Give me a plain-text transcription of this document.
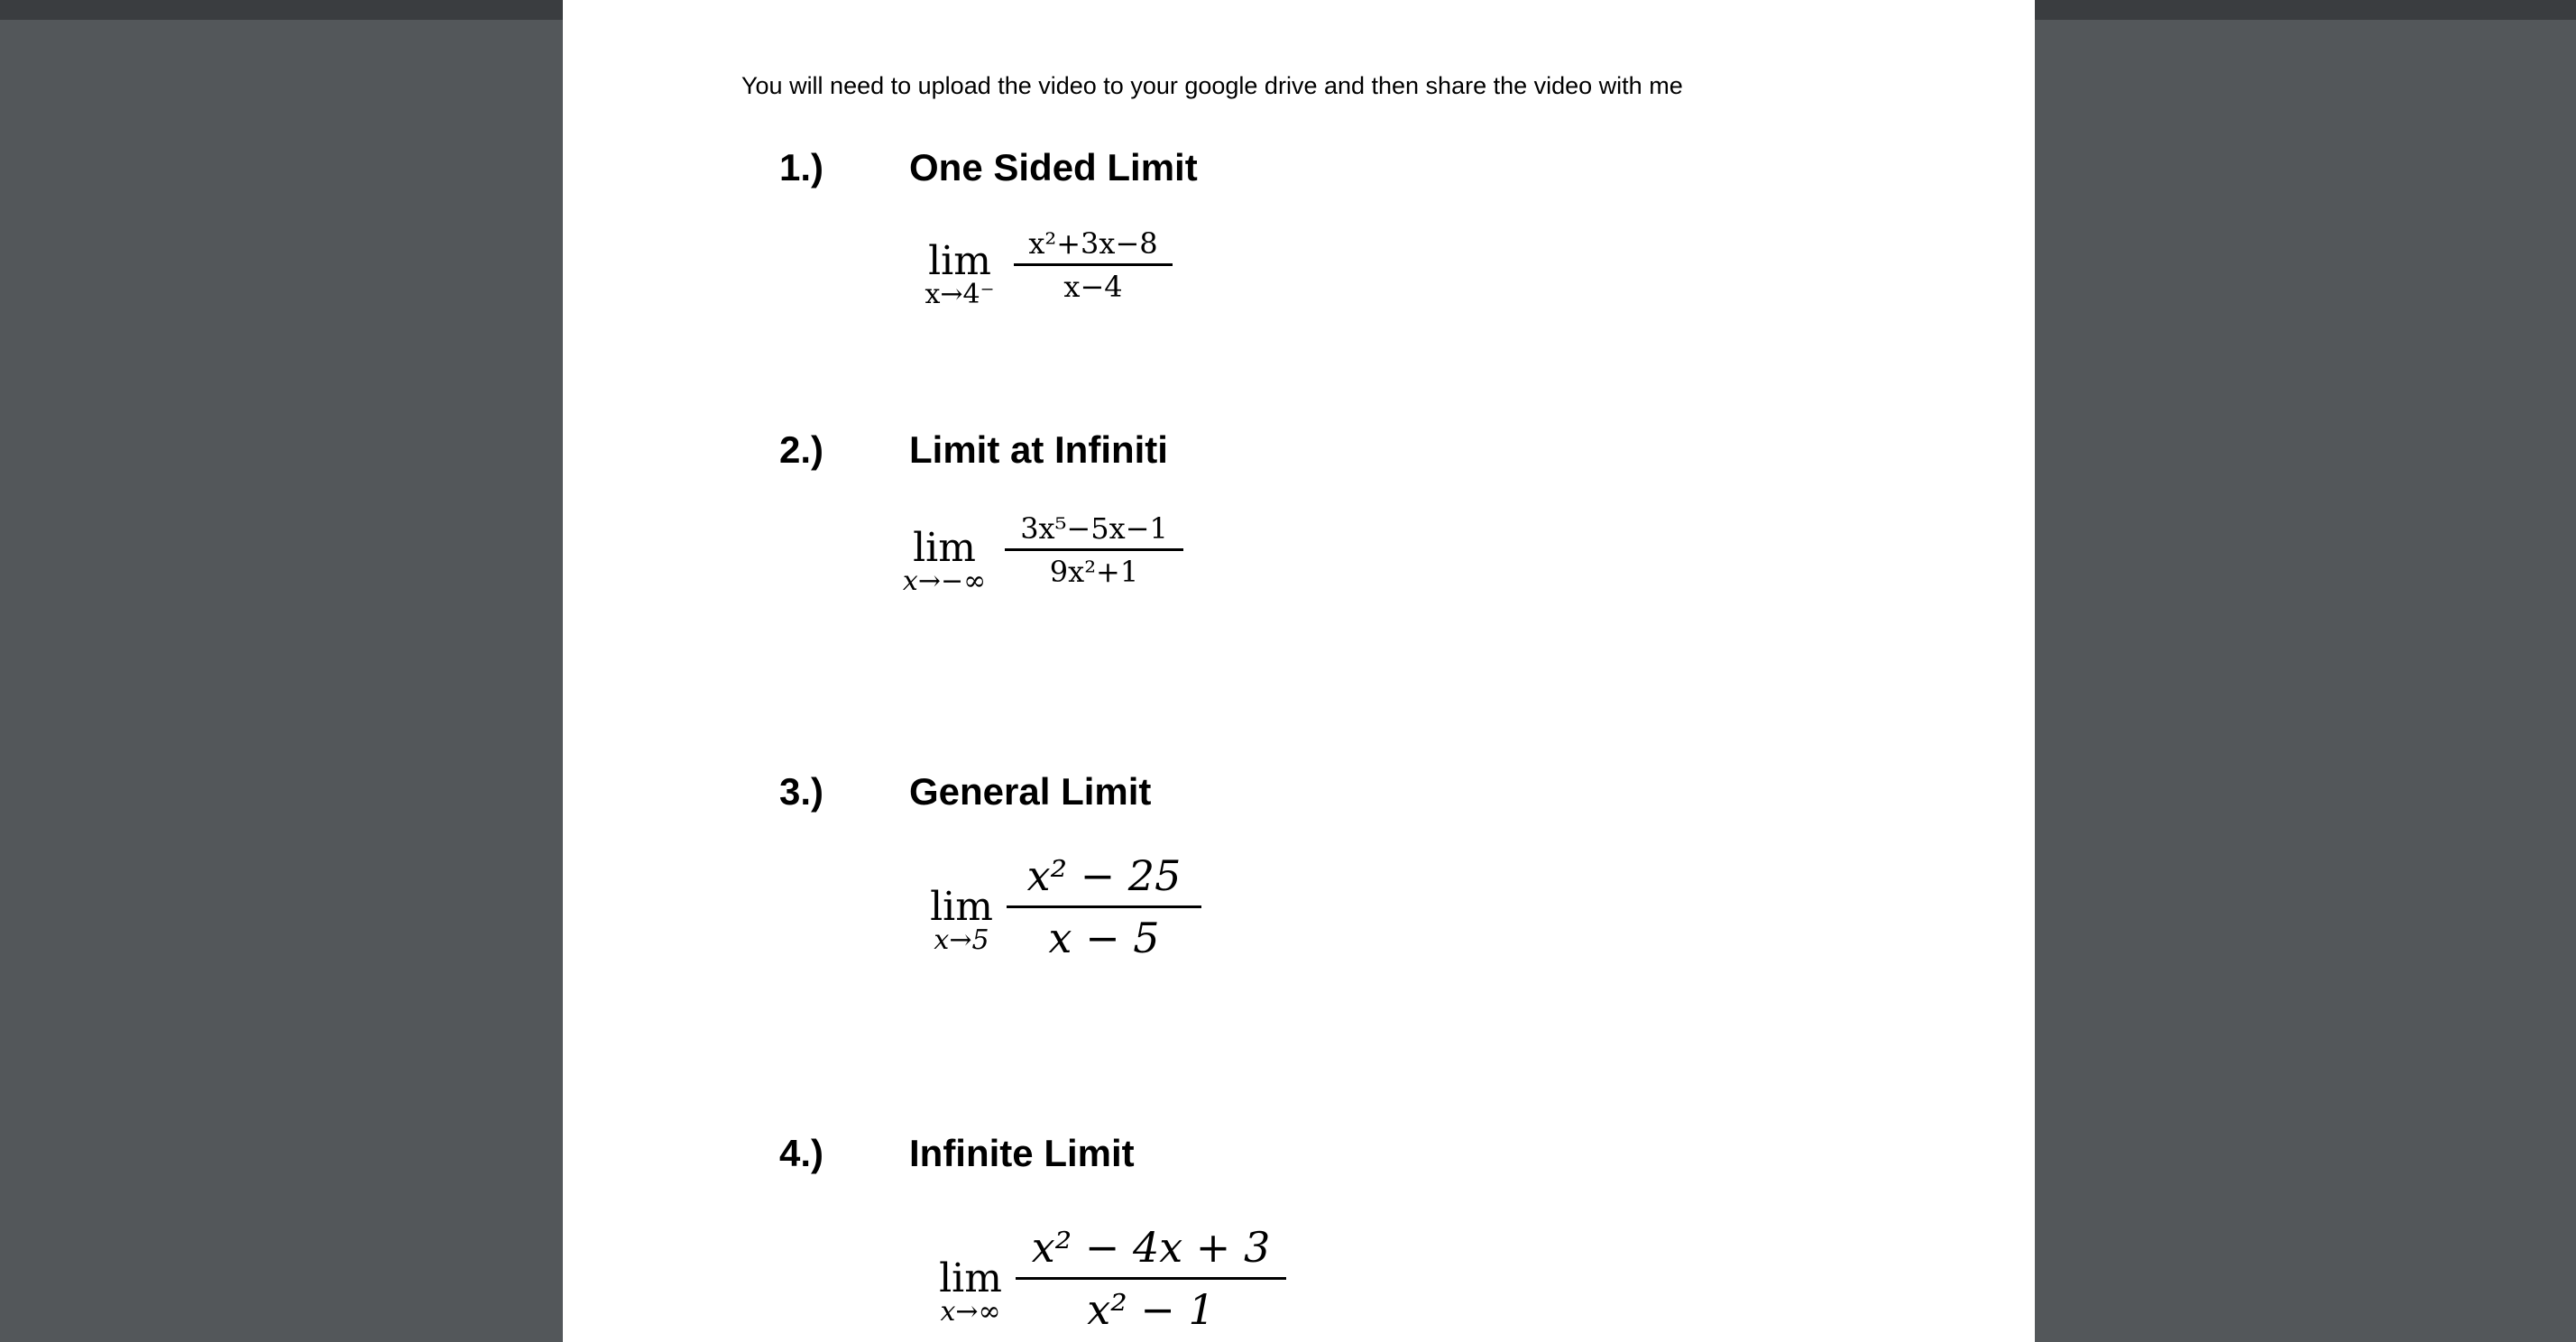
You will need to upload the video to your google drive and then share the video with me
1.) One Sided Limit
lim
x→4⁻
x²+3x−8
x−4
2.) Limit at Infiniti
lim
x→−∞
3x⁵−5x−1
9x²+1
3.) General Limit
lim
x→5
x² − 25
x − 5
4.) Infinite Limit
lim
x→∞
x² − 4x + 3
x² − 1
